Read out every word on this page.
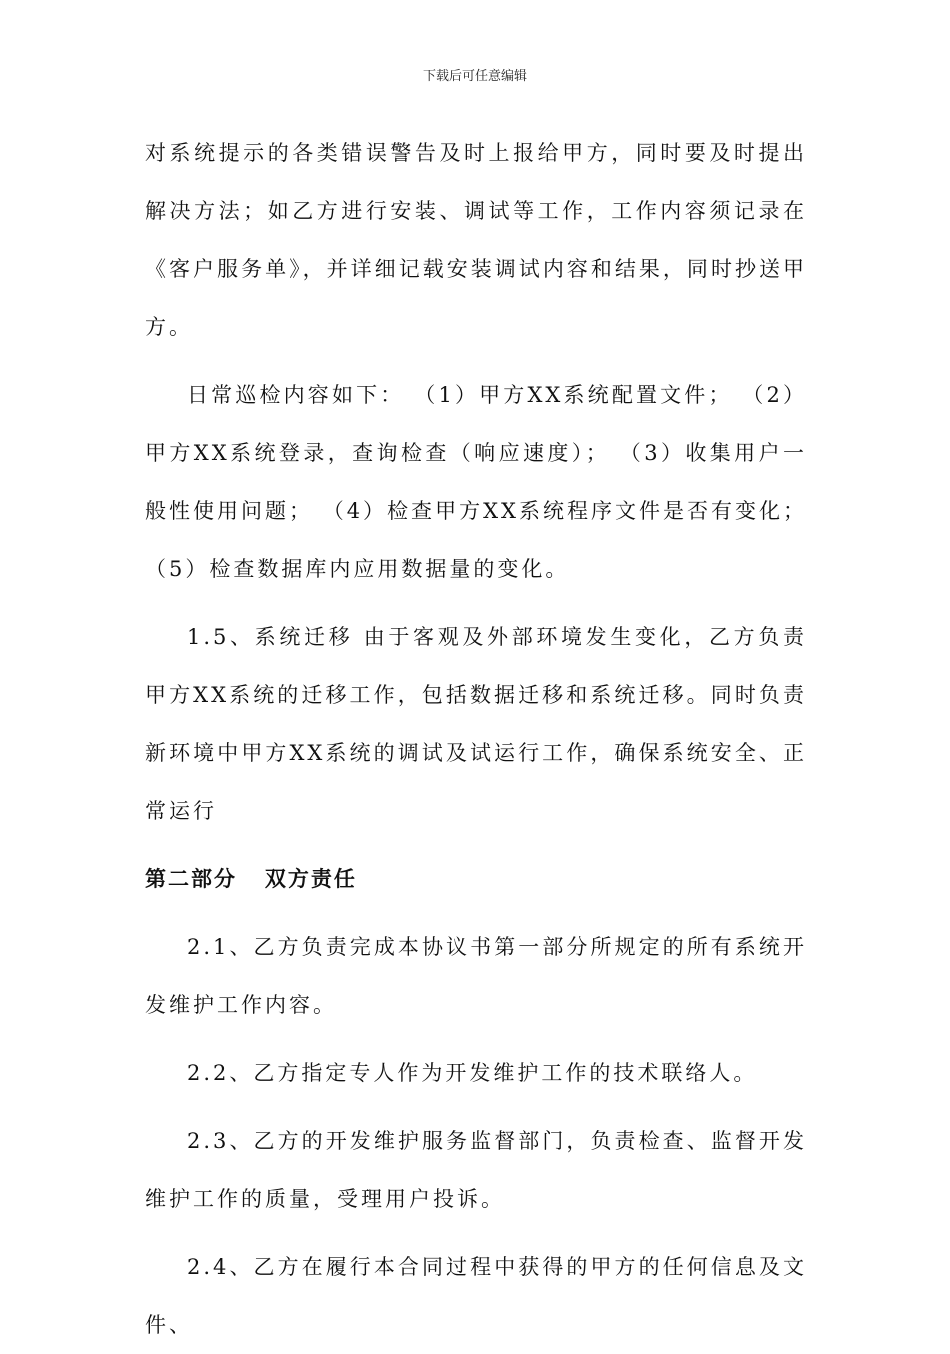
下载后可任意编辑

对系统提示的各类错误警告及时上报给甲方，同时要及时提出解决方法；如乙方进行安装、调试等工作，工作内容须记录在《客户服务单》，并详细记载安装调试内容和结果，同时抄送甲方。

日常巡检内容如下： （1）甲方XX系统配置文件； （2）甲方XX系统登录，查询检查（响应速度）； （3）收集用户一般性使用问题； （4）检查甲方XX系统程序文件是否有变化； （5）检查数据库内应用数据量的变化。

1.5、系统迁移 由于客观及外部环境发生变化，乙方负责甲方XX系统的迁移工作，包括数据迁移和系统迁移。同时负责新环境中甲方XX系统的调试及试运行工作，确保系统安全、正常运行

第二部分   双方责任

2.1、乙方负责完成本协议书第一部分所规定的所有系统开发维护工作内容。

2.2、乙方指定专人作为开发维护工作的技术联络人。

2.3、乙方的开发维护服务监督部门，负责检查、监督开发维护工作的质量，受理用户投诉。

2.4、乙方在履行本合同过程中获得的甲方的任何信息及文件、
